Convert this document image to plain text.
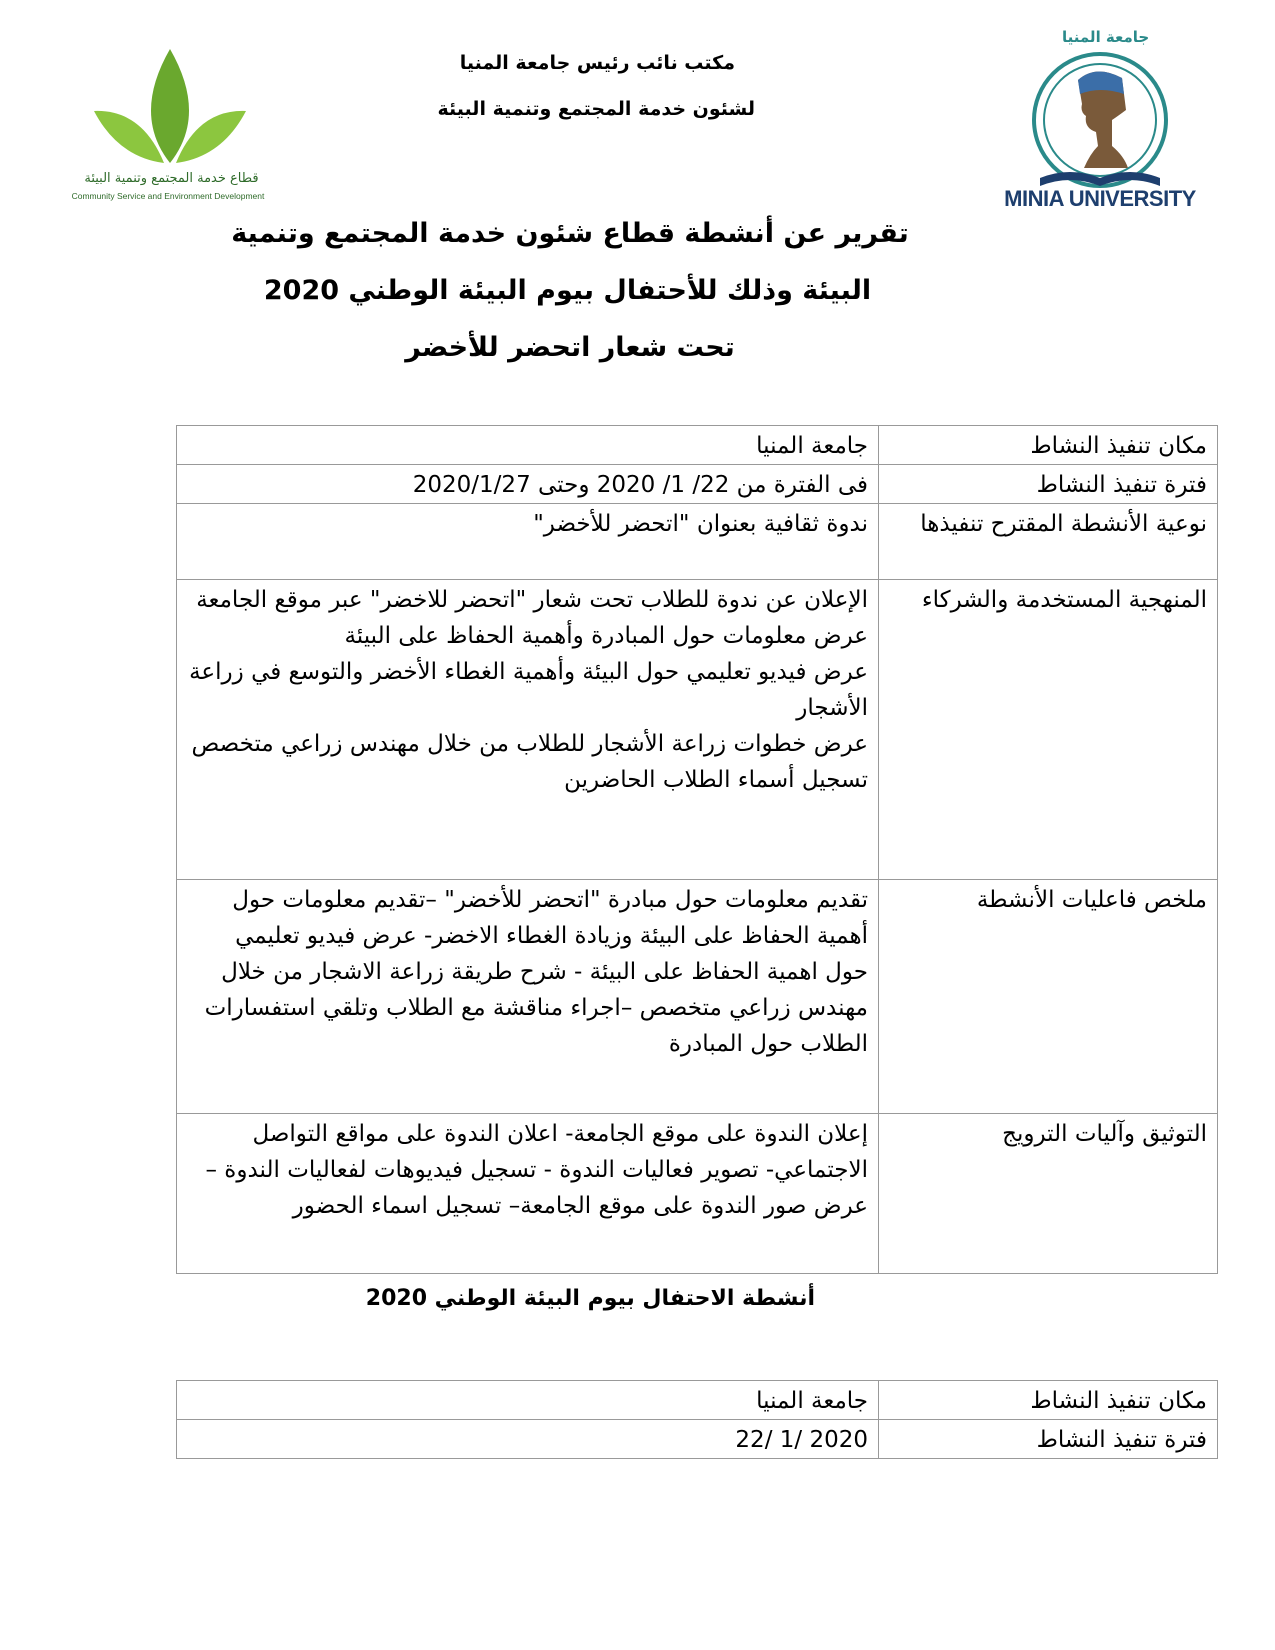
مكتب نائب رئيس جامعة المنيا
لشئون خدمة المجتمع وتنمية البيئة
جامعة المنيا
MINIA UNIVERSITY
قطاع خدمة المجتمع وتنمية البيئة
Community Service and Environment Development
تقرير عن أنشطة قطاع شئون خدمة المجتمع وتنمية
البيئة وذلك للأحتفال بيوم البيئة الوطني 2020
تحت شعار اتحضر للأخضر
مكان تنفيذ النشاط	جامعة المنيا
فترة تنفيذ النشاط	فى الفترة من 22/ 1/ 2020 وحتى 2020/1/27
نوعية الأنشطة المقترح تنفيذها	ندوة ثقافية بعنوان "اتحضر للأخضر"
المنهجية المستخدمة والشركاء	الإعلان عن ندوة للطلاب تحت شعار "اتحضر للاخضر" عبر موقع الجامعة
عرض معلومات حول المبادرة وأهمية الحفاظ على البيئة
عرض فيديو تعليمي حول البيئة وأهمية الغطاء الأخضر والتوسع في زراعة الأشجار
عرض خطوات زراعة الأشجار للطلاب من خلال مهندس زراعي متخصص
تسجيل أسماء الطلاب الحاضرين
ملخص فاعليات الأنشطة	تقديم معلومات حول مبادرة "اتحضر للأخضر" –تقديم معلومات حول أهمية الحفاظ على البيئة وزيادة الغطاء الاخضر- عرض فيديو تعليمي حول اهمية الحفاظ على البيئة - شرح طريقة زراعة الاشجار من خلال مهندس زراعي متخصص –اجراء مناقشة مع الطلاب وتلقي استفسارات الطلاب حول المبادرة
التوثيق وآليات الترويج	إعلان الندوة على موقع الجامعة- اعلان الندوة على مواقع التواصل الاجتماعي- تصوير فعاليات الندوة - تسجيل فيديوهات لفعاليات الندوة – عرض صور الندوة على موقع الجامعة– تسجيل اسماء الحضور
أنشطة الاحتفال بيوم البيئة الوطني 2020
مكان تنفيذ النشاط	جامعة المنيا
فترة تنفيذ النشاط	2020 /1 /22
